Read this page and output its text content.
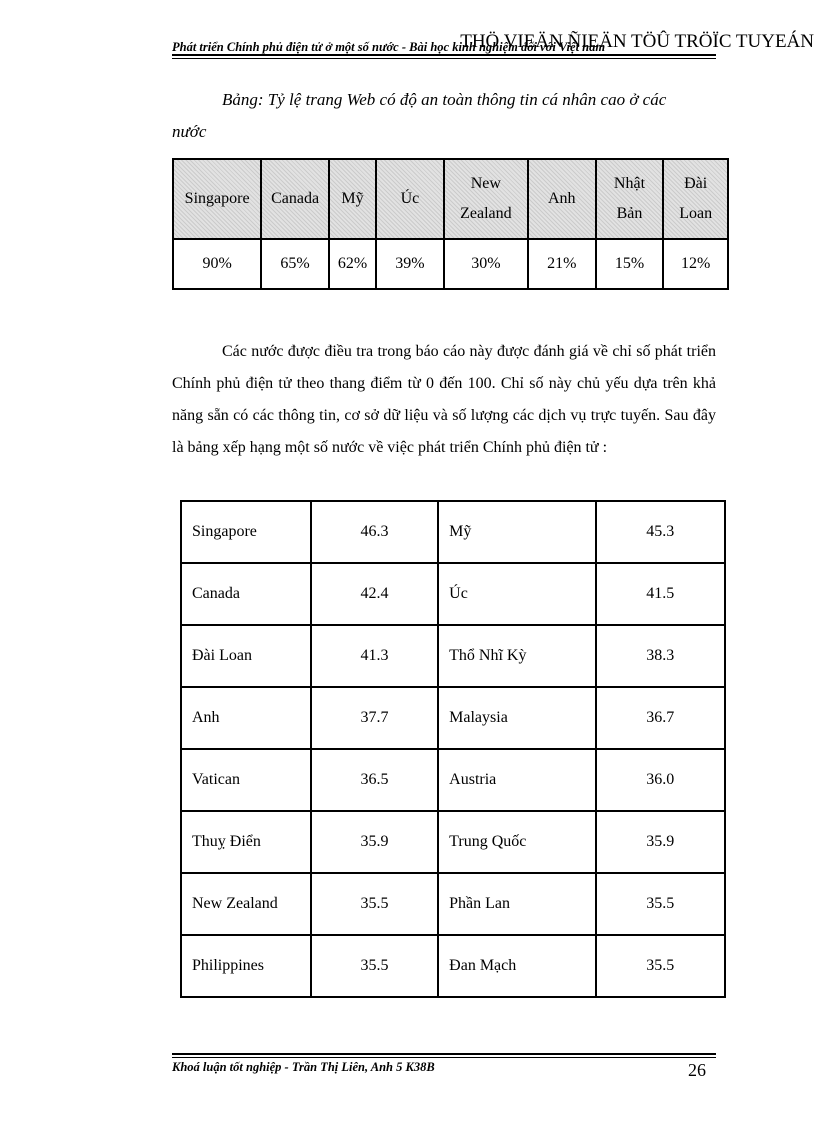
Phát triển Chính phủ điện tử ở một số nước - Bài học kinh nghiệm đối với Việt nam
THÖ VIEÄN ÑIEÄN TÖÛ TRÖÏC TUYEÁN
Bảng: Tỷ lệ trang Web có độ an toàn thông tin cá nhân cao ở các
nước
Singapore	Canada	Mỹ	Úc	New Zealand	Anh	Nhật Bản	Đài Loan
90%	65%	62%	39%	30%	21%	15%	12%
Các nước được điều tra trong báo cáo này được đánh giá về chỉ số phát triển Chính phủ điện tử theo thang điểm từ 0 đến 100. Chỉ số này chủ yếu dựa trên khả năng sẵn có các thông tin, cơ sở dữ liệu và số lượng các dịch vụ trực tuyến. Sau đây là bảng xếp hạng một số nước về việc phát triển Chính phủ điện tử :
Singapore	46.3	Mỹ	45.3
Canada	42.4	Úc	41.5
Đài Loan	41.3	Thổ Nhĩ Kỳ	38.3
Anh	37.7	Malaysia	36.7
Vatican	36.5	Austria	36.0
Thuỵ Điển	35.9	Trung Quốc	35.9
New Zealand	35.5	Phần Lan	35.5
Philippines	35.5	Đan Mạch	35.5
Khoá luận tốt nghiệp - Trần Thị Liên, Anh 5 K38B	26
